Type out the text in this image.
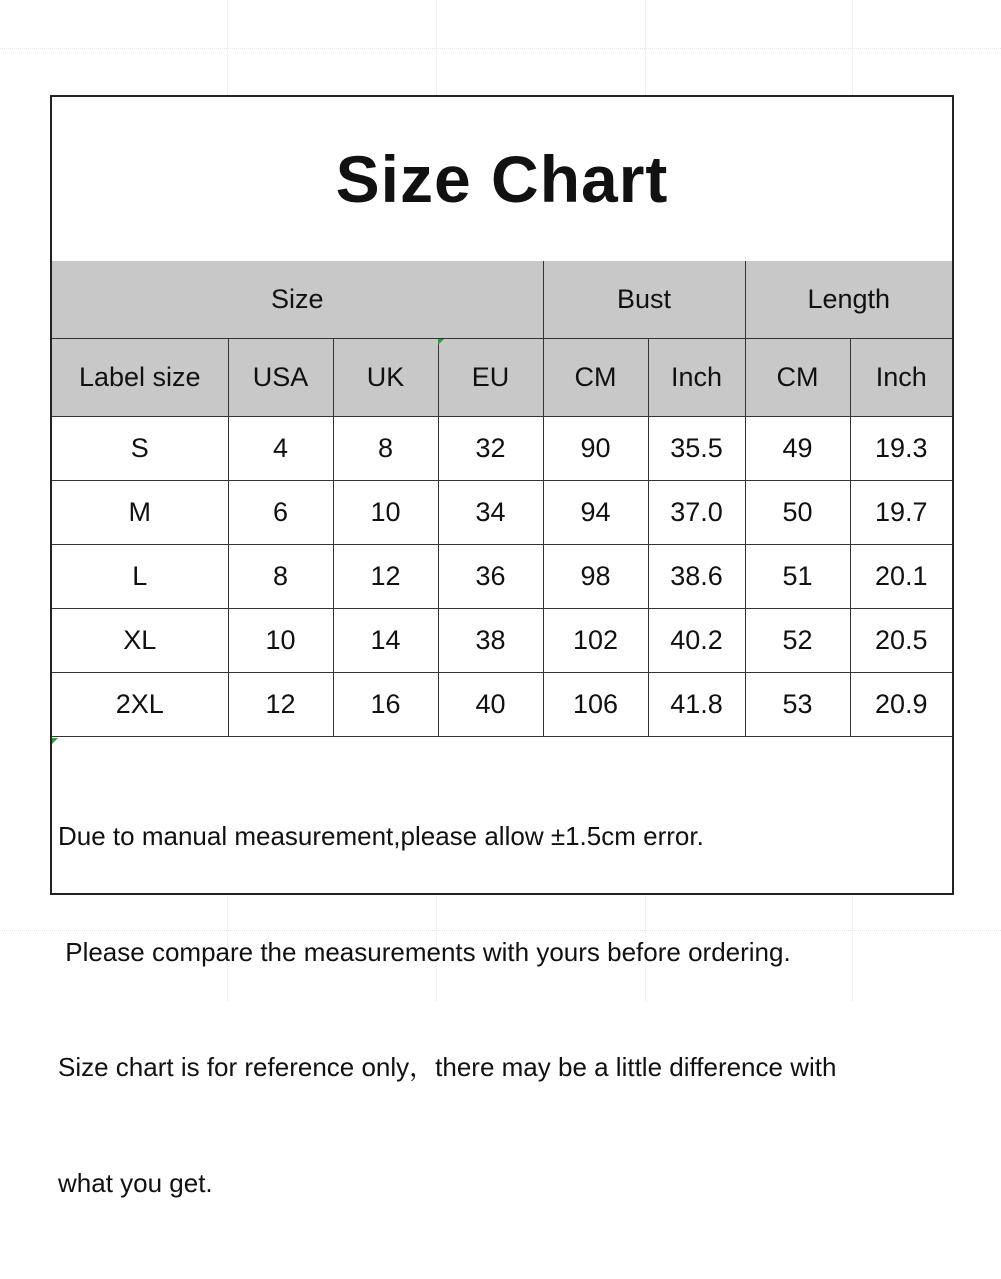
Size Chart
Size				Bust		Length	
Label size	USA	UK	EU	CM	Inch	CM	Inch
S	4	8	32	90	35.5	49	19.3
M	6	10	34	94	37.0	50	19.7
L	8	12	36	98	38.6	51	20.1
XL	10	14	38	102	40.2	52	20.5
2XL	12	16	40	106	41.8	53	20.9

Due to manual measurement,please allow ±1.5cm error.

Please compare the measurements with yours before ordering.

Size chart is for reference only，there may be a little difference with

what you get.
